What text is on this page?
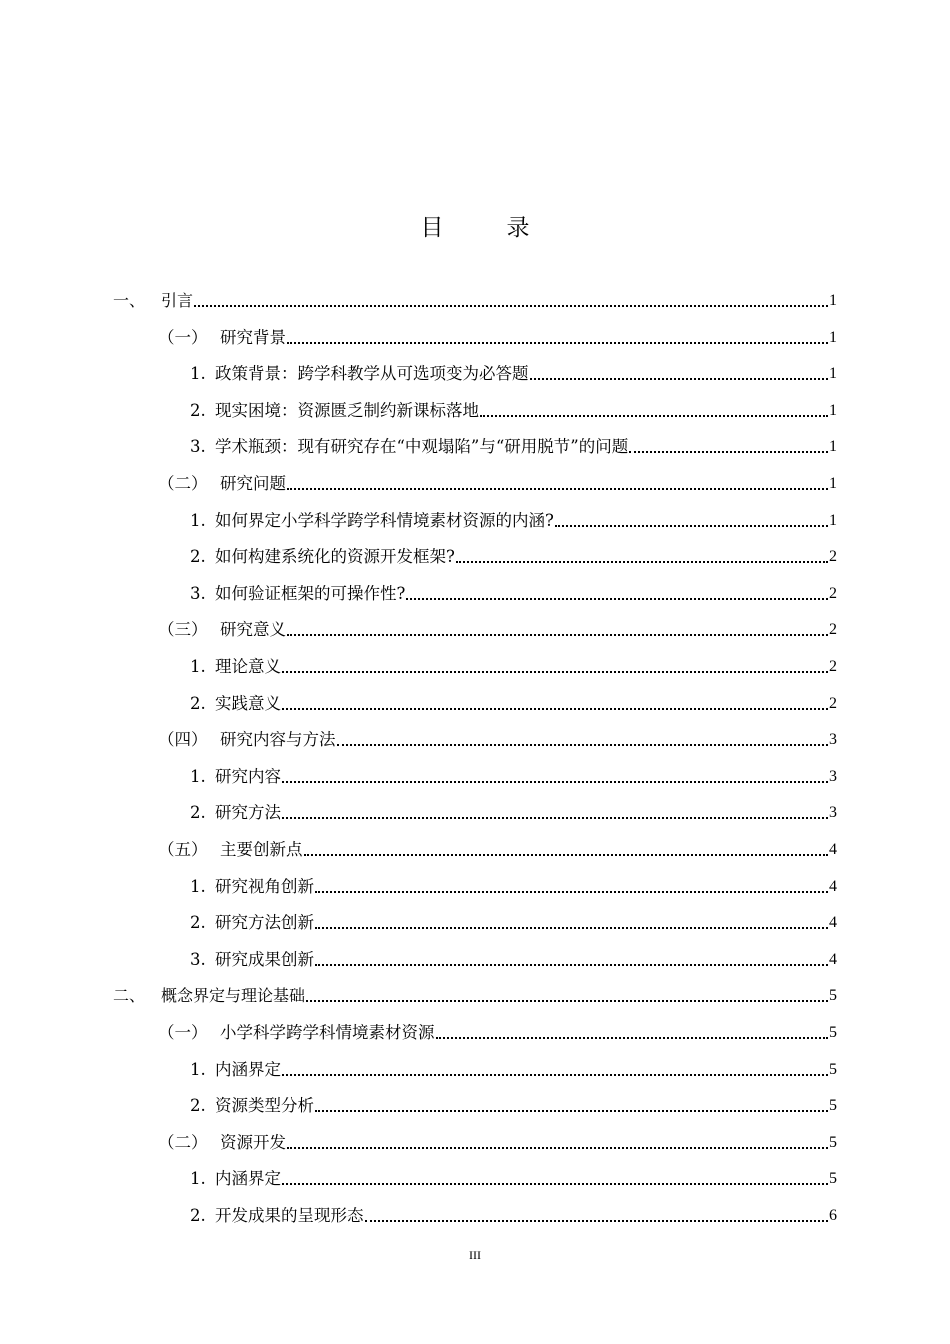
目　录
一、 引言	1
（一） 研究背景	1
1. 政策背景：跨学科教学从可选项变为必答题	1
2. 现实困境：资源匮乏制约新课标落地	1
3. 学术瓶颈：现有研究存在“中观塌陷”与“研用脱节”的问题	1
（二） 研究问题	1
1. 如何界定小学科学跨学科情境素材资源的内涵?	1
2. 如何构建系统化的资源开发框架?	2
3. 如何验证框架的可操作性?	2
（三） 研究意义	2
1. 理论意义	2
2. 实践意义	2
（四） 研究内容与方法	3
1. 研究内容	3
2. 研究方法	3
（五） 主要创新点	4
1. 研究视角创新	4
2. 研究方法创新	4
3. 研究成果创新	4
二、 概念界定与理论基础	5
（一） 小学科学跨学科情境素材资源	5
1. 内涵界定	5
2. 资源类型分析	5
（二） 资源开发	5
1. 内涵界定	5
2. 开发成果的呈现形态	6
III
